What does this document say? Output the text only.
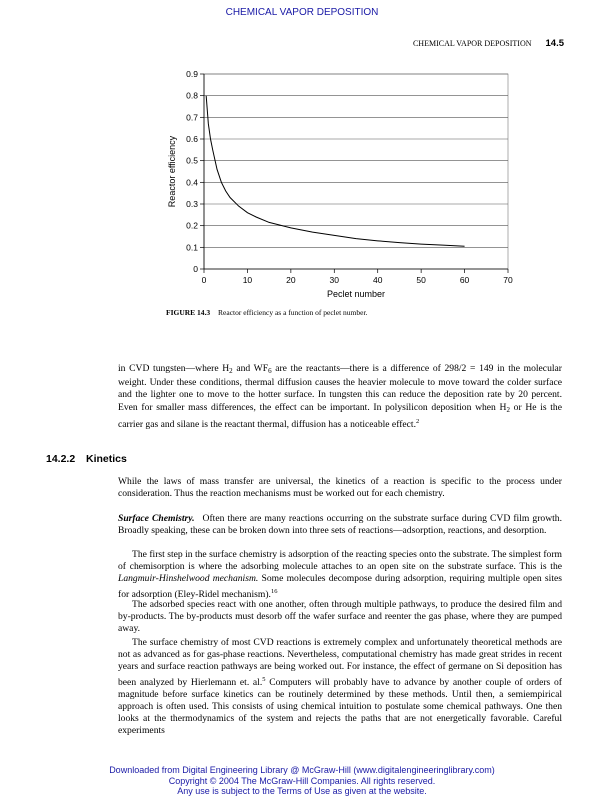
CHEMICAL VAPOR DEPOSITION
CHEMICAL VAPOR DEPOSITION 14.5
0
0.1
0.2
0.3
0.4
0.5
0.6
0.7
0.8
0.9
0	10	20	30	40	50	60	70
Peclet number
Reactor efficiency
FIGURE 14.3 Reactor efficiency as a function of peclet number.

in CVD tungsten—where $H_2$ and $WF_6$ are the reactants—there is a difference of 298/2 = 149 in the molecular weight. Under these conditions, thermal diffusion causes the heavier molecule to move toward the colder surface and the lighter one to move to the hotter surface. In tungsten this can reduce the deposition rate by 20 percent. Even for smaller mass differences, the effect can be important. In polysilicon deposition when $H_2$ or He is the carrier gas and silane is the reactant thermal, diffusion has a noticeable effect.$^2$

14.2.2 Kinetics

While the laws of mass transfer are universal, the kinetics of a reaction is specific to the process under consideration. Thus the reaction mechanisms must be worked out for each chemistry.

Surface Chemistry. Often there are many reactions occurring on the substrate surface during CVD film growth. Broadly speaking, these can be broken down into three sets of reactions—adsorption, reactions, and desorption.

The first step in the surface chemistry is adsorption of the reacting species onto the substrate. The simplest form of chemisorption is where the adsorbing molecule attaches to an open site on the substrate surface. This is the Langmuir-Hinshelwood mechanism. Some molecules decompose during adsorption, requiring multiple open sites for adsorption (Eley-Ridel mechanism).$^{16}$

The adsorbed species react with one another, often through multiple pathways, to produce the desired film and by-products. The by-products must desorb off the wafer surface and reenter the gas phase, where they are pumped away.

The surface chemistry of most CVD reactions is extremely complex and unfortunately theoretical methods are not as advanced as for gas-phase reactions. Nevertheless, computational chemistry has made great strides in recent years and surface reaction pathways are being worked out. For instance, the effect of germane on Si deposition has been analyzed by Hierlemann et. al.$^5$ Computers will probably have to advance by another couple of orders of magnitude before surface kinetics can be routinely determined by these methods. Until then, a semiempirical approach is often used. This consists of using chemical intuition to postulate some chemical pathways. One then looks at the thermodynamics of the system and rejects the paths that are not energetically favorable. Careful experiments

Downloaded from Digital Engineering Library @ McGraw-Hill (www.digitalengineeringlibrary.com)
Copyright © 2004 The McGraw-Hill Companies. All rights reserved.
Any use is subject to the Terms of Use as given at the website.
